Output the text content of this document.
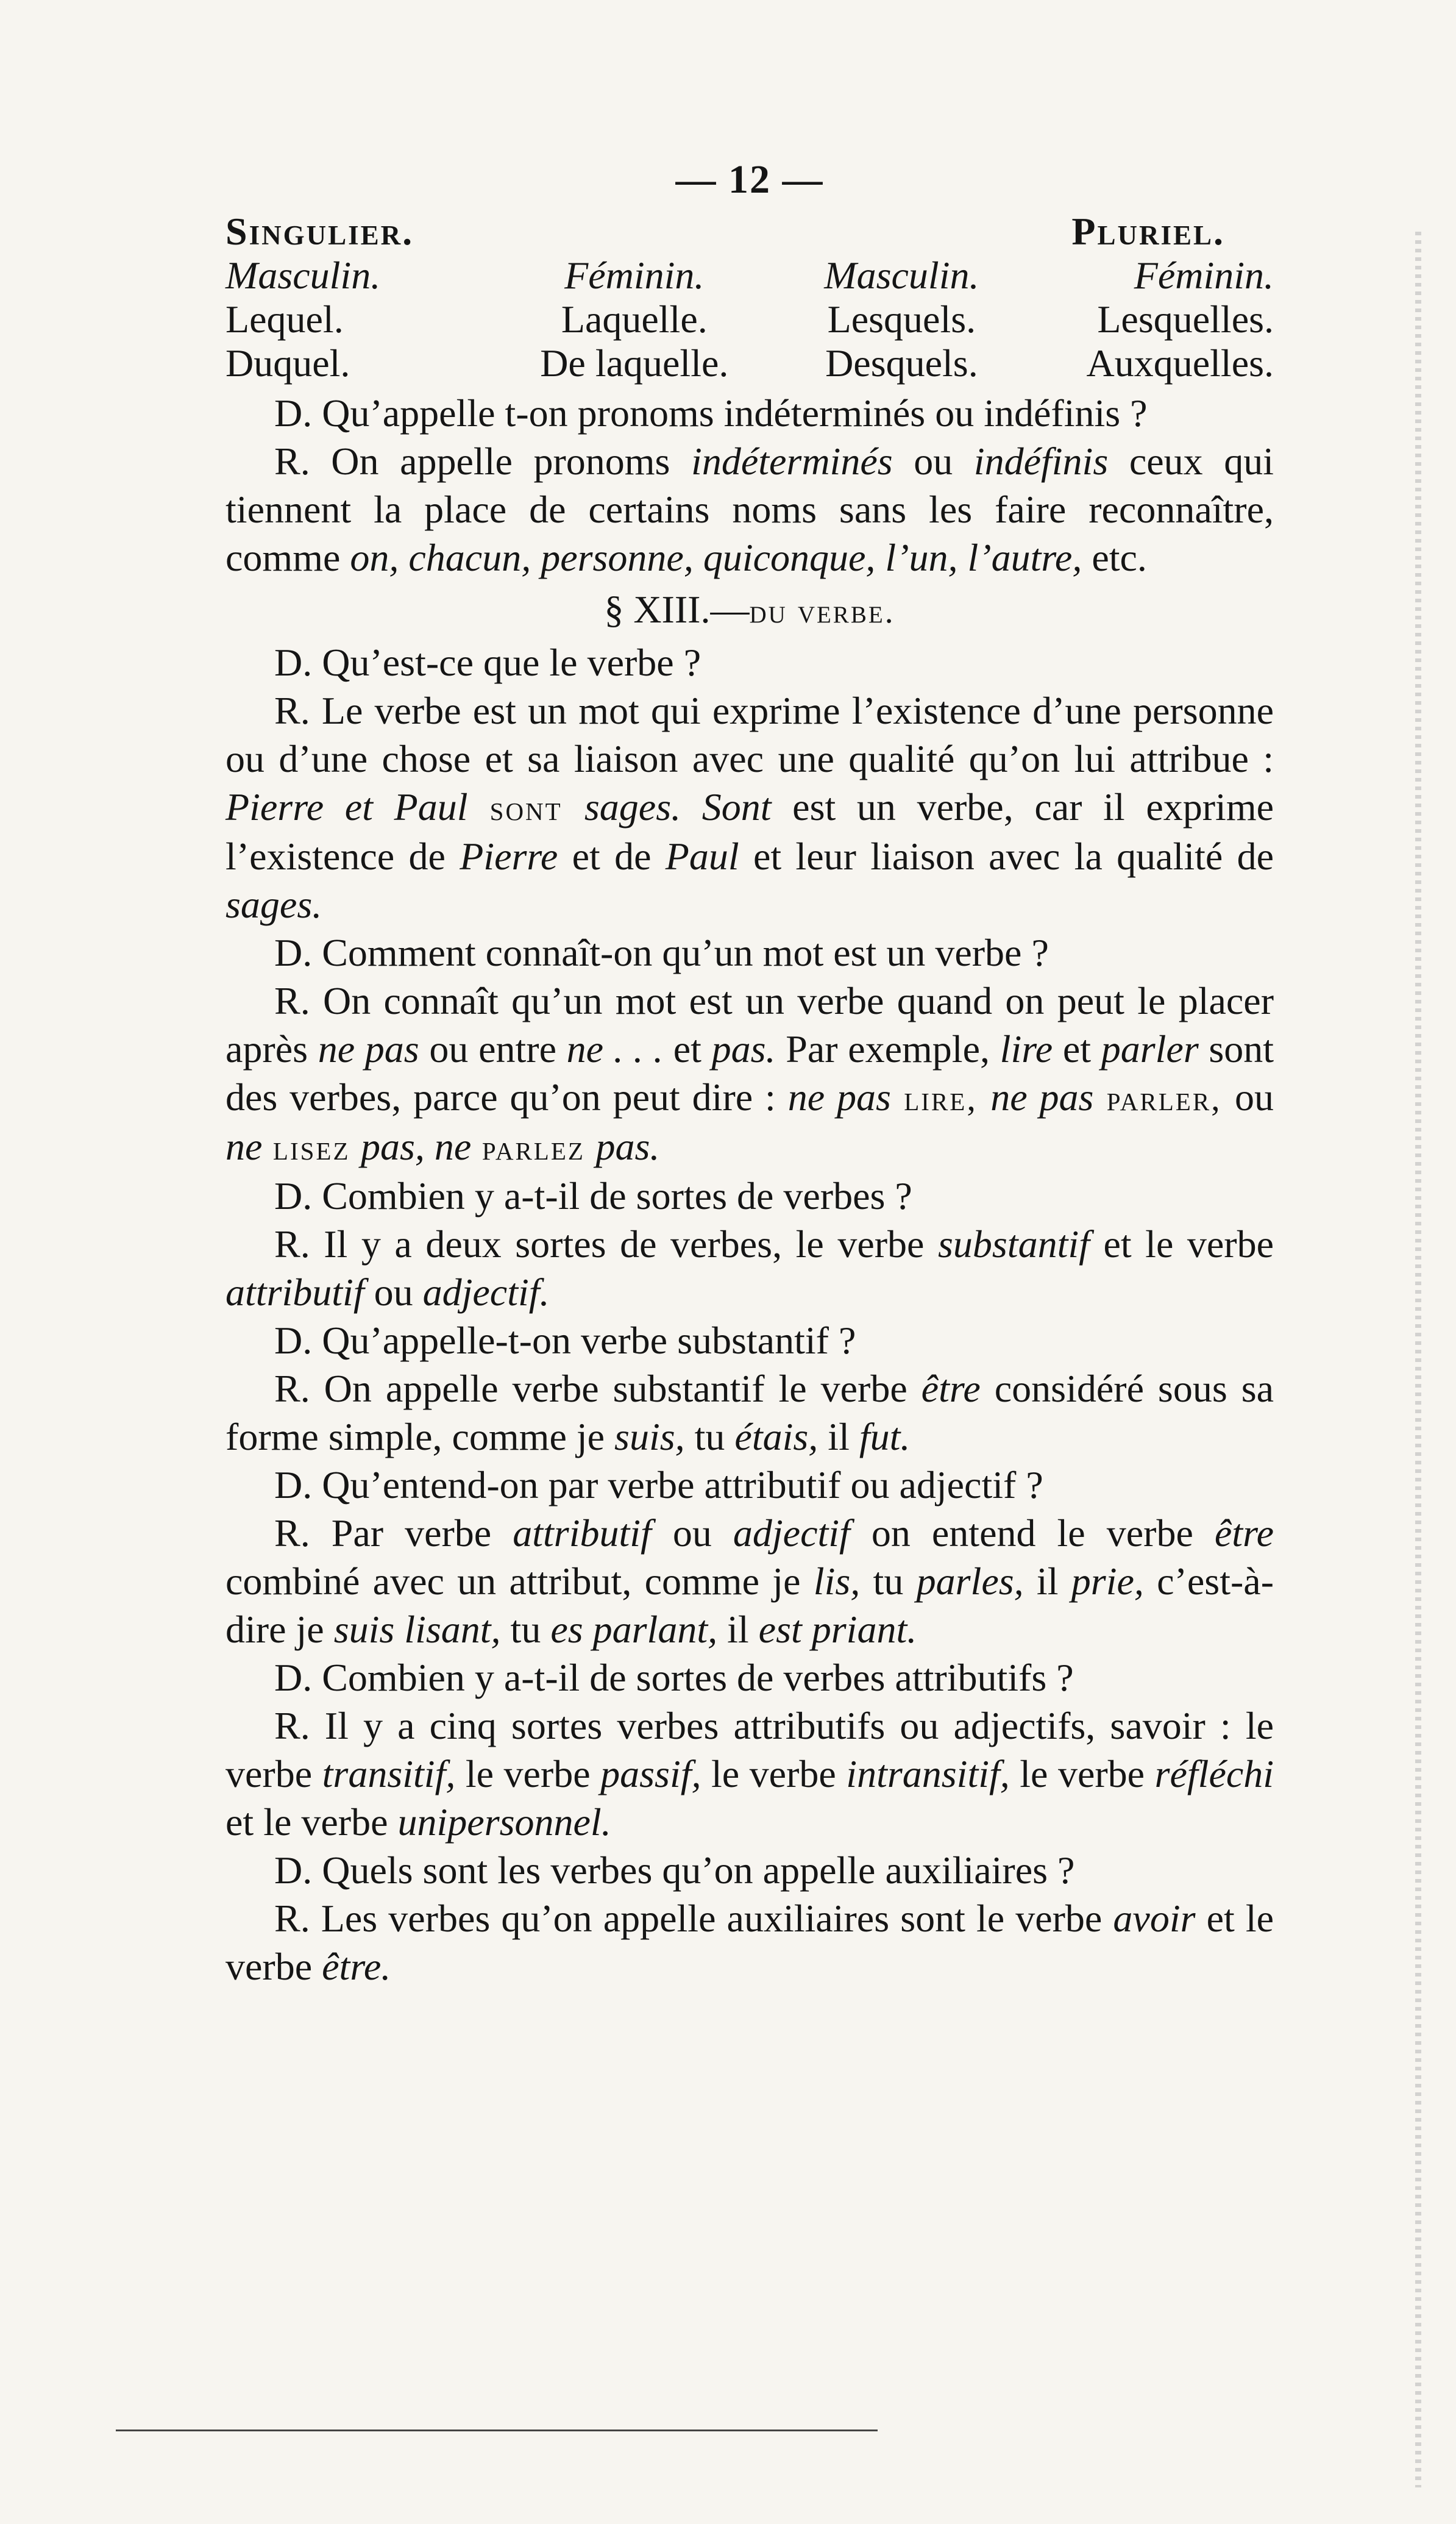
— 12 —
Singulier.		Pluriel.	
Masculin.	Féminin.	Masculin.	Féminin.
Lequel.	Laquelle.	Lesquels.	Lesquelles.
Duquel.	De laquelle.	Desquels.	Auxquelles.

D. Qu’appelle t-on pronoms indéterminés ou indéfinis ?

R. On appelle pronoms indéterminés ou indéfinis ceux qui tiennent la place de certains noms sans les faire reconnaître, comme on, chacun, personne, quiconque, l’un, l’autre, etc.

§ XIII.—du verbe.

D. Qu’est-ce que le verbe ?

R. Le verbe est un mot qui exprime l’existence d’une personne ou d’une chose et sa liaison avec une qualité qu’on lui attribue : Pierre et Paul sont sages. Sont est un verbe, car il exprime l’existence de Pierre et de Paul et leur liaison avec la qualité de sages.

D. Comment connaît-on qu’un mot est un verbe ?

R. On connaît qu’un mot est un verbe quand on peut le placer après ne pas ou entre ne . . . et pas. Par exemple, lire et parler sont des verbes, parce qu’on peut dire : ne pas lire, ne pas parler, ou ne lisez pas, ne parlez pas.

D. Combien y a-t-il de sortes de verbes ?

R. Il y a deux sortes de verbes, le verbe substantif et le verbe attributif ou adjectif.

D. Qu’appelle-t-on verbe substantif ?

R. On appelle verbe substantif le verbe être considéré sous sa forme simple, comme je suis, tu étais, il fut.

D. Qu’entend-on par verbe attributif ou adjectif ?

R. Par verbe attributif ou adjectif on entend le verbe être combiné avec un attribut, comme je lis, tu parles, il prie, c’est-à-dire je suis lisant, tu es parlant, il est priant.

D. Combien y a-t-il de sortes de verbes attributifs ?

R. Il y a cinq sortes verbes attributifs ou adjectifs, savoir : le verbe transitif, le verbe passif, le verbe intransitif, le verbe réfléchi et le verbe unipersonnel.

D. Quels sont les verbes qu’on appelle auxiliaires ?

R. Les verbes qu’on appelle auxiliaires sont le verbe avoir et le verbe être.
